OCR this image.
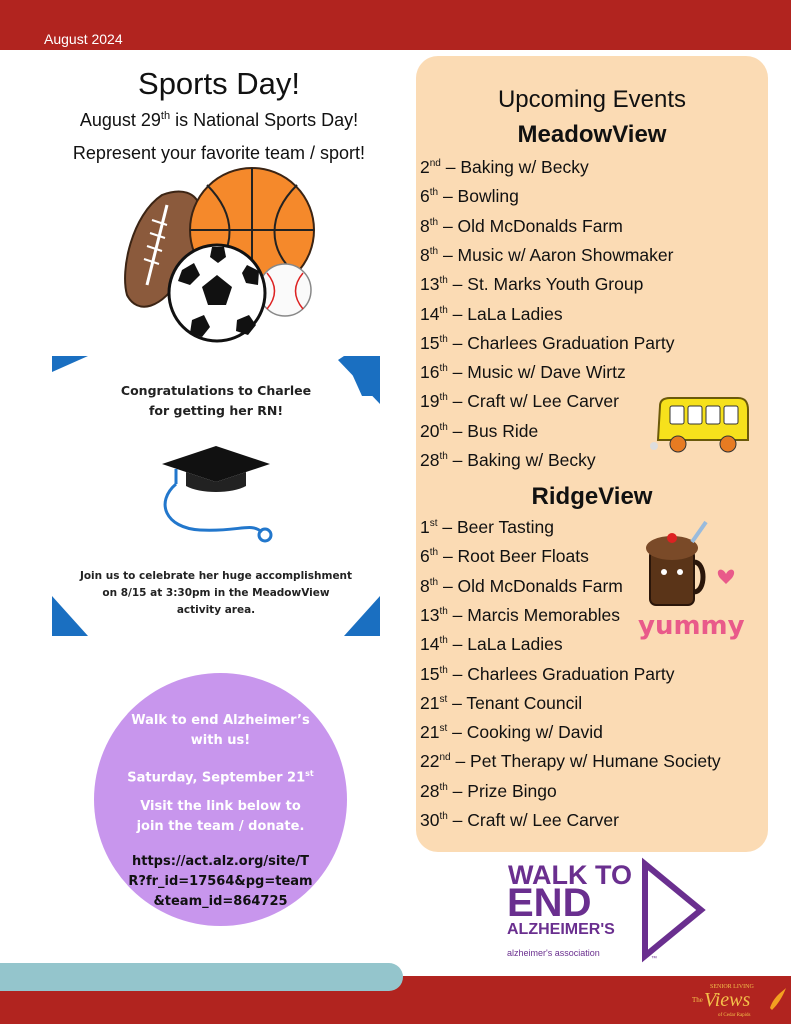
August 2024
Sports Day!
August 29th is National Sports Day!
Represent your favorite team / sport!
Congratulations to Charlee
for getting her RN!
Join us to celebrate her huge accomplishment
on 8/15 at 3:30pm in the MeadowView
activity area.
Walk to end Alzheimer’s
with us!
Saturday, September 21st
Visit the link below to
join the team / donate.
https://act.alz.org/site/T
R?fr_id=17564&pg=team
&team_id=864725
Upcoming Events
MeadowView
RidgeView
2nd – Baking w/ Becky
6th – Bowling
8th – Old McDonalds Farm
8th – Music w/ Aaron Showmaker
13th – St. Marks Youth Group
14th – LaLa Ladies
15th – Charlees Graduation Party
16th – Music w/ Dave Wirtz
19th – Craft w/ Lee Carver
20th – Bus Ride
28th – Baking w/ Becky
1st – Beer Tasting
6th – Root Beer Floats
8th – Old McDonalds Farm
13th – Marcis Memorables
14th – LaLa Ladies
15th – Charlees Graduation Party
21st – Tenant Council
21st – Cooking w/ David
22nd – Pet Therapy w/ Humane Society
28th – Prize Bingo
30th – Craft w/ Lee Carver
yummy
WALK TO
END
ALZHEIMER'S
alzheimer's association
™
SENIOR LIVING
The Views
of Cedar Rapids
